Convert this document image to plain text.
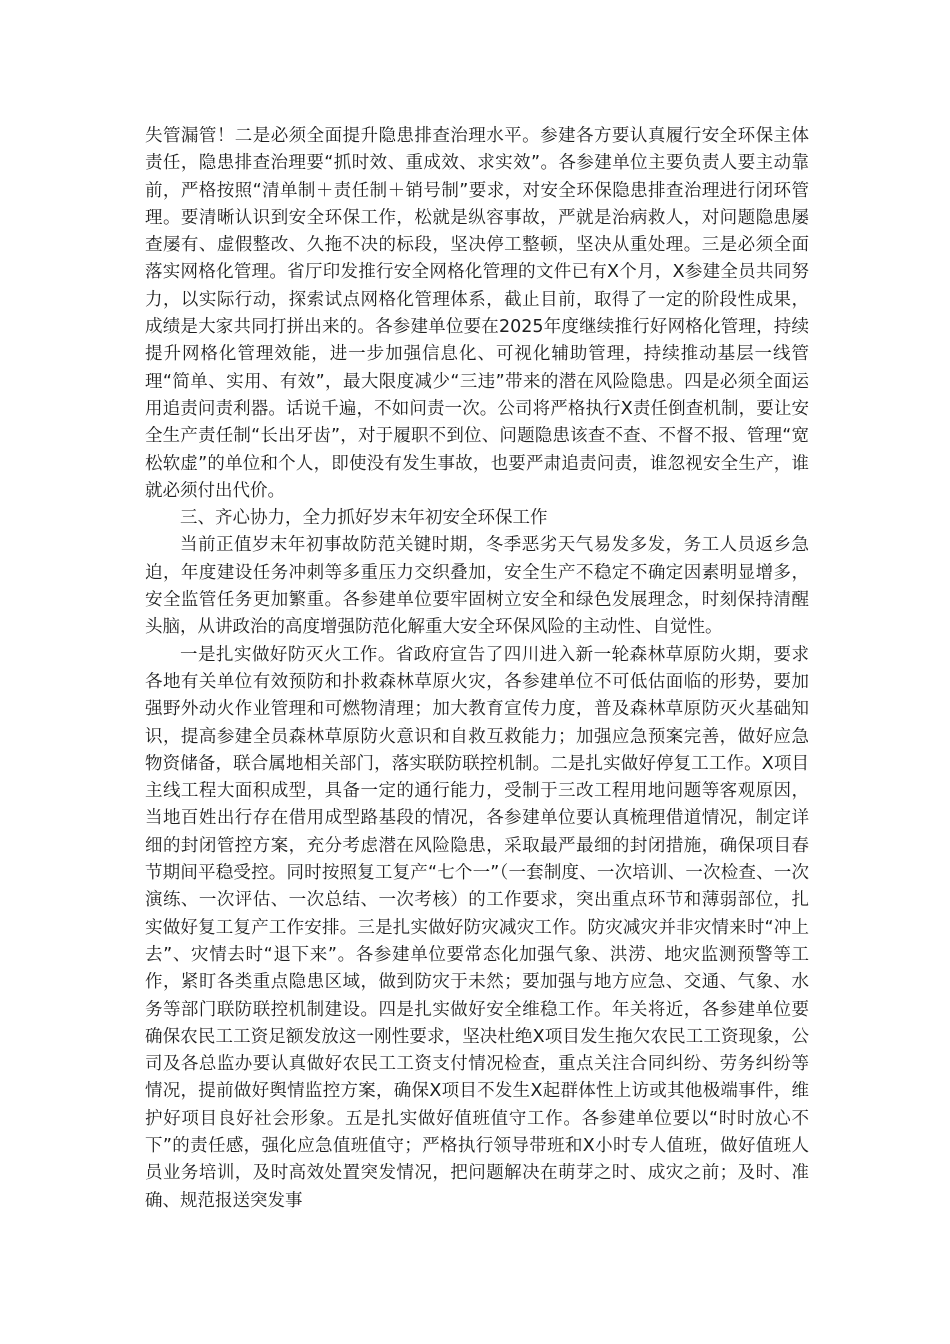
失管漏管！二是必须全面提升隐患排查治理水平。参建各方要认真履行安全环保主体责任，隐患排查治理要“抓时效、重成效、求实效”。各参建单位主要负责人要主动靠前，严格按照“清单制＋责任制＋销号制”要求，对安全环保隐患排查治理进行闭环管理。要清晰认识到安全环保工作，松就是纵容事故，严就是治病救人，对问题隐患屡查屡有、虚假整改、久拖不决的标段，坚决停工整顿，坚决从重处理。三是必须全面落实网格化管理。省厅印发推行安全网格化管理的文件已有X个月，X参建全员共同努力，以实际行动，探索试点网格化管理体系，截止目前，取得了一定的阶段性成果，成绩是大家共同打拼出来的。各参建单位要在2025年度继续推行好网格化管理，持续提升网格化管理效能，进一步加强信息化、可视化辅助管理，持续推动基层一线管理“简单、实用、有效”，最大限度减少“三违”带来的潜在风险隐患。四是必须全面运用追责问责利器。话说千遍，不如问责一次。公司将严格执行X责任倒查机制，要让安全生产责任制“长出牙齿”，对于履职不到位、问题隐患该查不查、不督不报、管理“宽松软虚”的单位和个人，即使没有发生事故，也要严肃追责问责，谁忽视安全生产，谁就必须付出代价。

三、齐心协力，全力抓好岁末年初安全环保工作

当前正值岁末年初事故防范关键时期，冬季恶劣天气易发多发，务工人员返乡急迫，年度建设任务冲刺等多重压力交织叠加，安全生产不稳定不确定因素明显增多，安全监管任务更加繁重。各参建单位要牢固树立安全和绿色发展理念，时刻保持清醒头脑，从讲政治的高度增强防范化解重大安全环保风险的主动性、自觉性。

一是扎实做好防灭火工作。省政府宣告了四川进入新一轮森林草原防火期，要求各地有关单位有效预防和扑救森林草原火灾，各参建单位不可低估面临的形势，要加强野外动火作业管理和可燃物清理；加大教育宣传力度，普及森林草原防灭火基础知识，提高参建全员森林草原防火意识和自救互救能力；加强应急预案完善，做好应急物资储备，联合属地相关部门，落实联防联控机制。二是扎实做好停复工工作。X项目主线工程大面积成型，具备一定的通行能力，受制于三改工程用地问题等客观原因，当地百姓出行存在借用成型路基段的情况，各参建单位要认真梳理借道情况，制定详细的封闭管控方案，充分考虑潜在风险隐患，采取最严最细的封闭措施，确保项目春节期间平稳受控。同时按照复工复产“七个一”（一套制度、一次培训、一次检查、一次演练、一次评估、一次总结、一次考核）的工作要求，突出重点环节和薄弱部位，扎实做好复工复产工作安排。三是扎实做好防灾减灾工作。防灾减灾并非灾情来时“冲上去”、灾情去时“退下来”。各参建单位要常态化加强气象、洪涝、地灾监测预警等工作，紧盯各类重点隐患区域，做到防灾于未然；要加强与地方应急、交通、气象、水务等部门联防联控机制建设。四是扎实做好安全维稳工作。年关将近，各参建单位要确保农民工工资足额发放这一刚性要求，坚决杜绝X项目发生拖欠农民工工资现象，公司及各总监办要认真做好农民工工资支付情况检查，重点关注合同纠纷、劳务纠纷等情况，提前做好舆情监控方案，确保X项目不发生X起群体性上访或其他极端事件，维护好项目良好社会形象。五是扎实做好值班值守工作。各参建单位要以“时时放心不下”的责任感，强化应急值班值守；严格执行领导带班和X小时专人值班，做好值班人员业务培训，及时高效处置突发情况，把问题解决在萌芽之时、成灾之前；及时、准确、规范报送突发事
